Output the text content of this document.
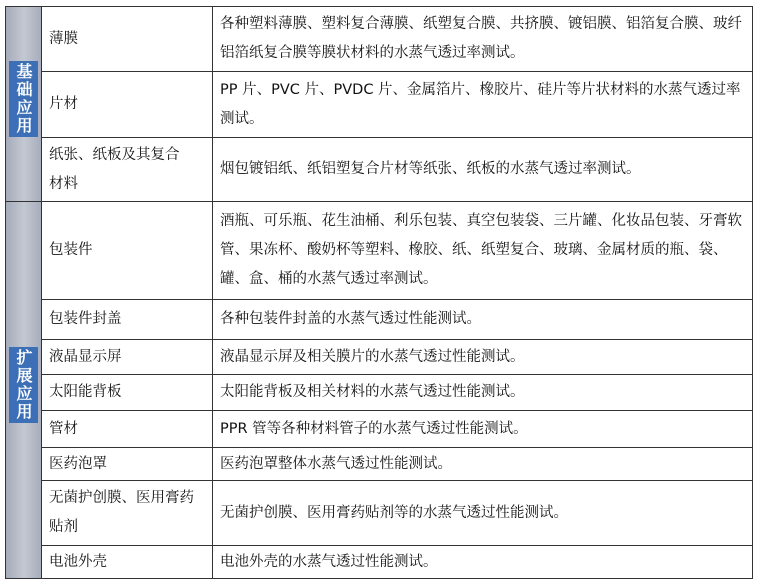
基础应用	薄膜	各种塑料薄膜、塑料复合薄膜、纸塑复合膜、共挤膜、镀铝膜、铝箔复合膜、玻纤铝箔纸复合膜等膜状材料的水蒸气透过率测试。
	片材	PP 片、PVC 片、PVDC 片、金属箔片、橡胶片、硅片等片状材料的水蒸气透过率测试。
	纸张、纸板及其复合材料	烟包镀铝纸、纸铝塑复合片材等纸张、纸板的水蒸气透过率测试。
扩展应用	包装件	酒瓶、可乐瓶、花生油桶、利乐包装、真空包装袋、三片罐、化妆品包装、牙膏软管、果冻杯、酸奶杯等塑料、橡胶、纸、纸塑复合、玻璃、金属材质的瓶、袋、罐、盒、桶的水蒸气透过率测试。
	包装件封盖	各种包装件封盖的水蒸气透过性能测试。
	液晶显示屏	液晶显示屏及相关膜片的水蒸气透过性能测试。
	太阳能背板	太阳能背板及相关材料的水蒸气透过性能测试。
	管材	PPR 管等各种材料管子的水蒸气透过性能测试。
	医药泡罩	医药泡罩整体水蒸气透过性能测试。
	无菌护创膜、医用膏药贴剂	无菌护创膜、医用膏药贴剂等的水蒸气透过性能测试。
	电池外壳	电池外壳的水蒸气透过性能测试。
